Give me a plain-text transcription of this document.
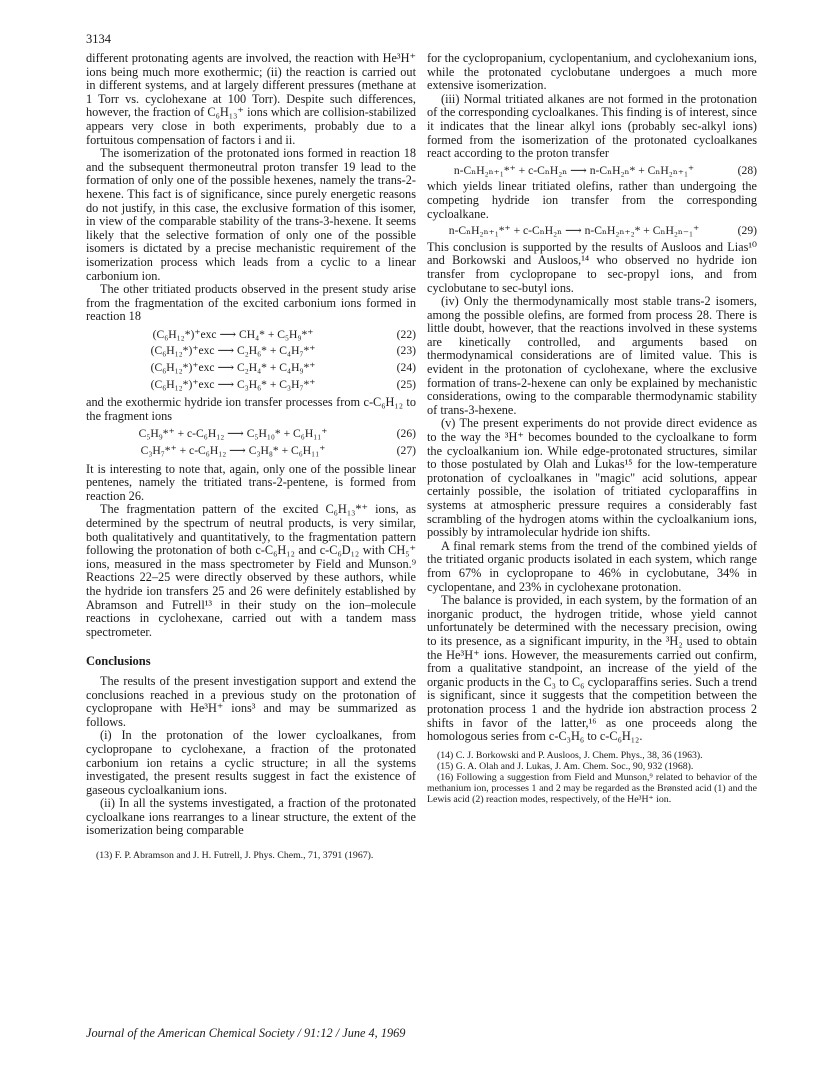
3134

different protonating agents are involved, the reaction with He³H⁺ ions being much more exothermic; (ii) the reaction is carried out in different systems, and at largely different pressures (methane at 1 Torr vs. cyclohexane at 100 Torr). Despite such differences, however, the fraction of C₆H₁₃⁺ ions which are collision-stabilized appears very close in both experiments, probably due to a fortuitous compensation of factors i and ii.

The isomerization of the protonated ions formed in reaction 18 and the subsequent thermoneutral proton transfer 19 lead to the formation of only one of the possible hexenes, namely the trans-2-hexene. This fact is of significance, since purely energetic reasons do not justify, in this case, the exclusive formation of this isomer, in view of the comparable stability of the trans-3-hexene. It seems likely that the selective formation of only one of the possible isomers is dictated by a precise mechanistic requirement of the isomerization process which leads from a cyclic to a linear carbonium ion.

The other tritiated products observed in the present study arise from the fragmentation of the excited carbonium ions formed in reaction 18

(C₆H₁₂*)⁺exc ⟶ CH₄* + C₅H₉*⁺	(22)
(C₆H₁₂*)⁺exc ⟶ C₂H₆* + C₄H₇*⁺	(23)
(C₆H₁₂*)⁺exc ⟶ C₂H₄* + C₄H₉*⁺	(24)
(C₆H₁₂*)⁺exc ⟶ C₃H₆* + C₃H₇*⁺	(25)

and the exothermic hydride ion transfer processes from c-C₆H₁₂ to the fragment ions

C₅H₉*⁺ + c-C₆H₁₂ ⟶ C₅H₁₀* + C₆H₁₁⁺	(26)
C₃H₇*⁺ + c-C₆H₁₂ ⟶ C₃H₈* + C₆H₁₁⁺	(27)

It is interesting to note that, again, only one of the possible linear pentenes, namely the tritiated trans-2-pentene, is formed from reaction 26.

The fragmentation pattern of the excited C₆H₁₃*⁺ ions, as determined by the spectrum of neutral products, is very similar, both qualitatively and quantitatively, to the fragmentation pattern following the protonation of both c-C₆H₁₂ and c-C₆D₁₂ with CH₅⁺ ions, measured in the mass spectrometer by Field and Munson.⁹ Reactions 22–25 were directly observed by these authors, while the hydride ion transfers 25 and 26 were definitely established by Abramson and Futrell¹³ in their study on the ion–molecule reactions in cyclohexane, carried out with a tandem mass spectrometer.

Conclusions

The results of the present investigation support and extend the conclusions reached in a previous study on the protonation of cyclopropane with He³H⁺ ions³ and may be summarized as follows.

(i) In the protonation of the lower cycloalkanes, from cyclopropane to cyclohexane, a fraction of the protonated carbonium ion retains a cyclic structure; in all the systems investigated, the present results suggest in fact the existence of gaseous cycloalkanium ions.

(ii) In all the systems investigated, a fraction of the protonated cycloalkane ions rearranges to a linear structure, the extent of the isomerization being comparable

(13) F. P. Abramson and J. H. Futrell, J. Phys. Chem., 71, 3791 (1967).

for the cyclopropanium, cyclopentanium, and cyclohexanium ions, while the protonated cyclobutane undergoes a much more extensive isomerization.

(iii) Normal tritiated alkanes are not formed in the protonation of the corresponding cycloalkanes. This finding is of interest, since it indicates that the linear alkyl ions (probably sec-alkyl ions) formed from the isomerization of the protonated cycloalkanes react according to the proton transfer

n-CₙH₂ₙ₊₁*⁺ + c-CₙH₂ₙ ⟶ n-CₙH₂ₙ* + CₙH₂ₙ₊₁⁺	(28)

which yields linear tritiated olefins, rather than undergoing the competing hydride ion transfer from the corresponding cycloalkane.

n-CₙH₂ₙ₊₁*⁺ + c-CₙH₂ₙ ⟶ n-CₙH₂ₙ₊₂* + CₙH₂ₙ₋₁⁺	(29)

This conclusion is supported by the results of Ausloos and Lias¹⁰ and Borkowski and Ausloos,¹⁴ who observed no hydride ion transfer from cyclopropane to sec-propyl ions, and from cyclobutane to sec-butyl ions.

(iv) Only the thermodynamically most stable trans-2 isomers, among the possible olefins, are formed from process 28. There is little doubt, however, that the reactions involved in these systems are kinetically controlled, and arguments based on thermodynamical considerations are of limited value. This is evident in the protonation of cyclohexane, where the exclusive formation of trans-2-hexene can only be explained by mechanistic considerations, owing to the comparable thermodynamic stability of trans-3-hexene.

(v) The present experiments do not provide direct evidence as to the way the ³H⁺ becomes bounded to the cycloalkane to form the cycloalkanium ion. While edge-protonated structures, similar to those postulated by Olah and Lukas¹⁵ for the low-temperature protonation of cycloalkanes in "magic" acid solutions, appear certainly possible, the isolation of tritiated cycloparaffins in systems at atmospheric pressure requires a considerably fast scrambling of the hydrogen atoms within the cycloalkanium ions, possibly by intramolecular hydride ion shifts.

A final remark stems from the trend of the combined yields of the tritiated organic products isolated in each system, which range from 67% in cyclopropane to 46% in cyclobutane, 34% in cyclopentane, and 23% in cyclohexane protonation.

The balance is provided, in each system, by the formation of an inorganic product, the hydrogen tritide, whose yield cannot unfortunately be determined with the necessary precision, owing to its presence, as a significant impurity, in the ³H₂ used to obtain the He³H⁺ ions. However, the measurements carried out confirm, from a qualitative standpoint, an increase of the yield of the organic products in the C₃ to C₆ cycloparaffins series. Such a trend is significant, since it suggests that the competition between the protonation process 1 and the hydride ion abstraction process 2 shifts in favor of the latter,¹⁶ as one proceeds along the homologous series from c-C₃H₆ to c-C₆H₁₂.

(14) C. J. Borkowski and P. Ausloos, J. Chem. Phys., 38, 36 (1963).

(15) G. A. Olah and J. Lukas, J. Am. Chem. Soc., 90, 932 (1968).

(16) Following a suggestion from Field and Munson,⁹ related to behavior of the methanium ion, processes 1 and 2 may be regarded as the Brønsted acid (1) and the Lewis acid (2) reaction modes, respectively, of the He³H⁺ ion.

Journal of the American Chemical Society / 91:12 / June 4, 1969
